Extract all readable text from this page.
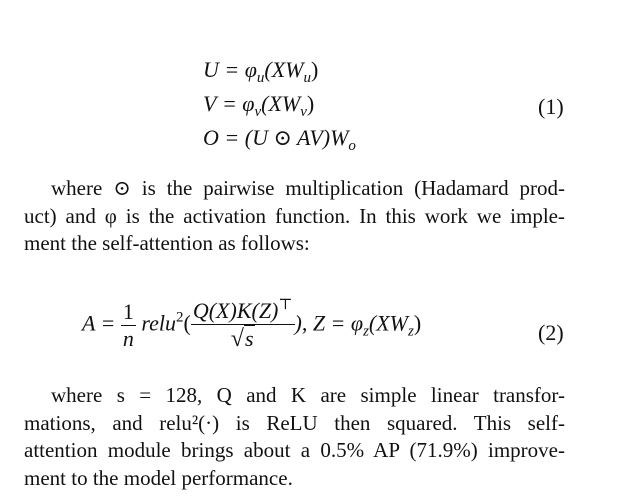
$U = \varphi_u(XW_u)$
$V = \varphi_v(XW_v)$
O = (U ⊙ $AV)W_o$
(1)
where ⊙ is the pairwise multiplication (Hadamard prod-
uct) and φ is the activation function. In this work we imple-
ment the self-attention as follows:
$A = \frac{1}{n}$ relu$^2$( $\frac{Q(X)K(Z)^⊤}{√s}$ ), $Z = \varphi_z(XW_z)$	(2)
where s = 128, Q and K are simple linear transfor-
mations, and relu²(·) is ReLU then squared. This self-
attention module brings about a 0.5% AP (71.9%) improve-
ment to the model performance.
